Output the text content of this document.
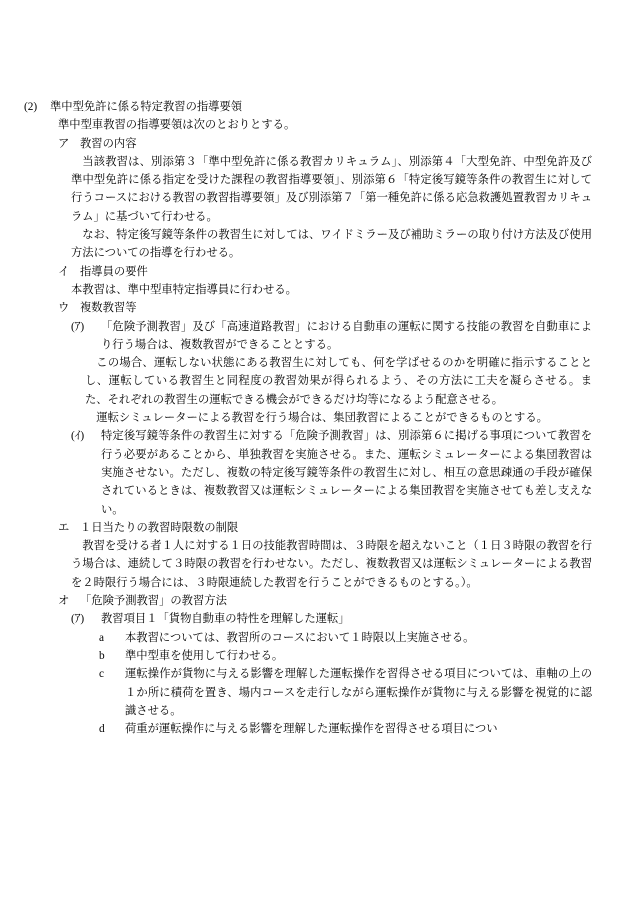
(2)	準中型免許に係る特定教習の指導要領
準中型車教習の指導要領は次のとおりとする。
ア 教習の内容
当該教習は、別添第３「準中型免許に係る教習カリキュラム」、別添第４「大型免許、中型免許及び準中型免許に係る指定を受けた課程の教習指導要領」、別添第６「特定後写鏡等条件の教習生に対して行うコースにおける教習の教習指導要領」及び別添第７「第一種免許に係る応急救護処置教習カリキュラム」に基づいて行わせる。
なお、特定後写鏡等条件の教習生に対しては、ワイドミラー及び補助ミラーの取り付け方法及び使用方法についての指導を行わせる。
イ 指導員の要件
本教習は、準中型車特定指導員に行わせる。
ウ 複数教習等
(ｱ)	「危険予測教習」及び「高速道路教習」における自動車の運転に関する技能の教習を自動車により行う場合は、複数教習ができることとする。
この場合、運転しない状態にある教習生に対しても、何を学ばせるのかを明確に指示することとし、運転している教習生と同程度の教習効果が得られるよう、その方法に工夫を凝らさせる。また、それぞれの教習生の運転できる機会ができるだけ均等になるよう配意させる。
運転シミュレーターによる教習を行う場合は、集団教習によることができるものとする。
(ｲ)	特定後写鏡等条件の教習生に対する「危険予測教習」は、別添第６に掲げる事項について教習を行う必要があることから、単独教習を実施させる。また、運転シミュレーターによる集団教習は実施させない。ただし、複数の特定後写鏡等条件の教習生に対し、相互の意思疎通の手段が確保されているときは、複数教習又は運転シミュレーターによる集団教習を実施させても差し支えない。
エ １日当たりの教習時限数の制限
教習を受ける者１人に対する１日の技能教習時間は、３時限を超えないこと（１日３時限の教習を行う場合は、連続して３時限の教習を行わせない。ただし、複数教習又は運転シミュレーターによる教習を２時限行う場合には、３時限連続した教習を行うことができるものとする。）。
オ 「危険予測教習」の教習方法
(ｱ)	教習項目１「貨物自動車の特性を理解した運転」
a	本教習については、教習所のコースにおいて１時限以上実施させる。
b	準中型車を使用して行わせる。
c	運転操作が貨物に与える影響を理解した運転操作を習得させる項目については、車軸の上の１か所に積荷を置き、場内コースを走行しながら運転操作が貨物に与える影響を視覚的に認識させる。
d	荷重が運転操作に与える影響を理解した運転操作を習得させる項目につい
